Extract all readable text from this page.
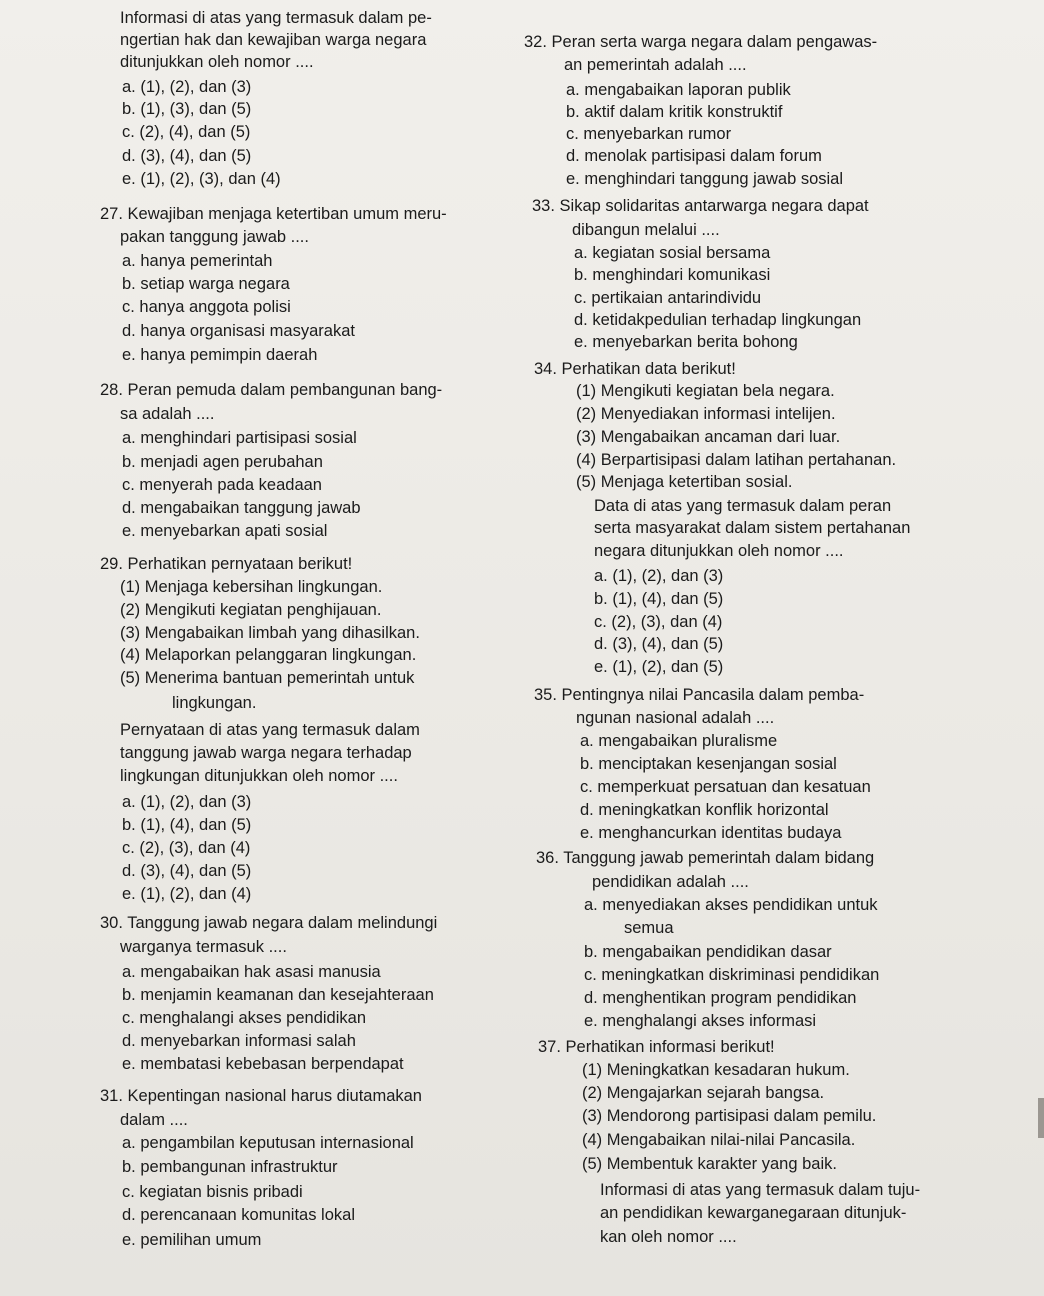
Informasi di atas yang termasuk dalam pe-
ngertian hak dan kewajiban warga negara
ditunjukkan oleh nomor ....
a. (1), (2), dan (3)
b. (1), (3), dan (5)
c. (2), (4), dan (5)
d. (3), (4), dan (5)
e. (1), (2), (3), dan (4)
27. Kewajiban menjaga ketertiban umum meru-
pakan tanggung jawab ....
a. hanya pemerintah
b. setiap warga negara
c. hanya anggota polisi
d. hanya organisasi masyarakat
e. hanya pemimpin daerah
28. Peran pemuda dalam pembangunan bang-
sa adalah ....
a. menghindari partisipasi sosial
b. menjadi agen perubahan
c. menyerah pada keadaan
d. mengabaikan tanggung jawab
e. menyebarkan apati sosial
29. Perhatikan pernyataan berikut!
(1) Menjaga kebersihan lingkungan.
(2) Mengikuti kegiatan penghijauan.
(3) Mengabaikan limbah yang dihasilkan.
(4) Melaporkan pelanggaran lingkungan.
(5) Menerima bantuan pemerintah untuk
lingkungan.
Pernyataan di atas yang termasuk dalam
tanggung jawab warga negara terhadap
lingkungan ditunjukkan oleh nomor ....
a. (1), (2), dan (3)
b. (1), (4), dan (5)
c. (2), (3), dan (4)
d. (3), (4), dan (5)
e. (1), (2), dan (4)
30. Tanggung jawab negara dalam melindungi
warganya termasuk ....
a. mengabaikan hak asasi manusia
b. menjamin keamanan dan kesejahteraan
c. menghalangi akses pendidikan
d. menyebarkan informasi salah
e. membatasi kebebasan berpendapat
31. Kepentingan nasional harus diutamakan
dalam ....
a. pengambilan keputusan internasional
b. pembangunan infrastruktur
c. kegiatan bisnis pribadi
d. perencanaan komunitas lokal
e. pemilihan umum
32. Peran serta warga negara dalam pengawas-
an pemerintah adalah ....
a. mengabaikan laporan publik
b. aktif dalam kritik konstruktif
c. menyebarkan rumor
d. menolak partisipasi dalam forum
e. menghindari tanggung jawab sosial
33. Sikap solidaritas antarwarga negara dapat
dibangun melalui ....
a. kegiatan sosial bersama
b. menghindari komunikasi
c. pertikaian antarindividu
d. ketidakpedulian terhadap lingkungan
e. menyebarkan berita bohong
34. Perhatikan data berikut!
(1) Mengikuti kegiatan bela negara.
(2) Menyediakan informasi intelijen.
(3) Mengabaikan ancaman dari luar.
(4) Berpartisipasi dalam latihan pertahanan.
(5) Menjaga ketertiban sosial.
Data di atas yang termasuk dalam peran
serta masyarakat dalam sistem pertahanan
negara ditunjukkan oleh nomor ....
a. (1), (2), dan (3)
b. (1), (4), dan (5)
c. (2), (3), dan (4)
d. (3), (4), dan (5)
e. (1), (2), dan (5)
35. Pentingnya nilai Pancasila dalam pemba-
ngunan nasional adalah ....
a. mengabaikan pluralisme
b. menciptakan kesenjangan sosial
c. memperkuat persatuan dan kesatuan
d. meningkatkan konflik horizontal
e. menghancurkan identitas budaya
36. Tanggung jawab pemerintah dalam bidang
pendidikan adalah ....
a. menyediakan akses pendidikan untuk
semua
b. mengabaikan pendidikan dasar
c. meningkatkan diskriminasi pendidikan
d. menghentikan program pendidikan
e. menghalangi akses informasi
37. Perhatikan informasi berikut!
(1) Meningkatkan kesadaran hukum.
(2) Mengajarkan sejarah bangsa.
(3) Mendorong partisipasi dalam pemilu.
(4) Mengabaikan nilai-nilai Pancasila.
(5) Membentuk karakter yang baik.
Informasi di atas yang termasuk dalam tuju-
an pendidikan kewarganegaraan ditunjuk-
kan oleh nomor ....
